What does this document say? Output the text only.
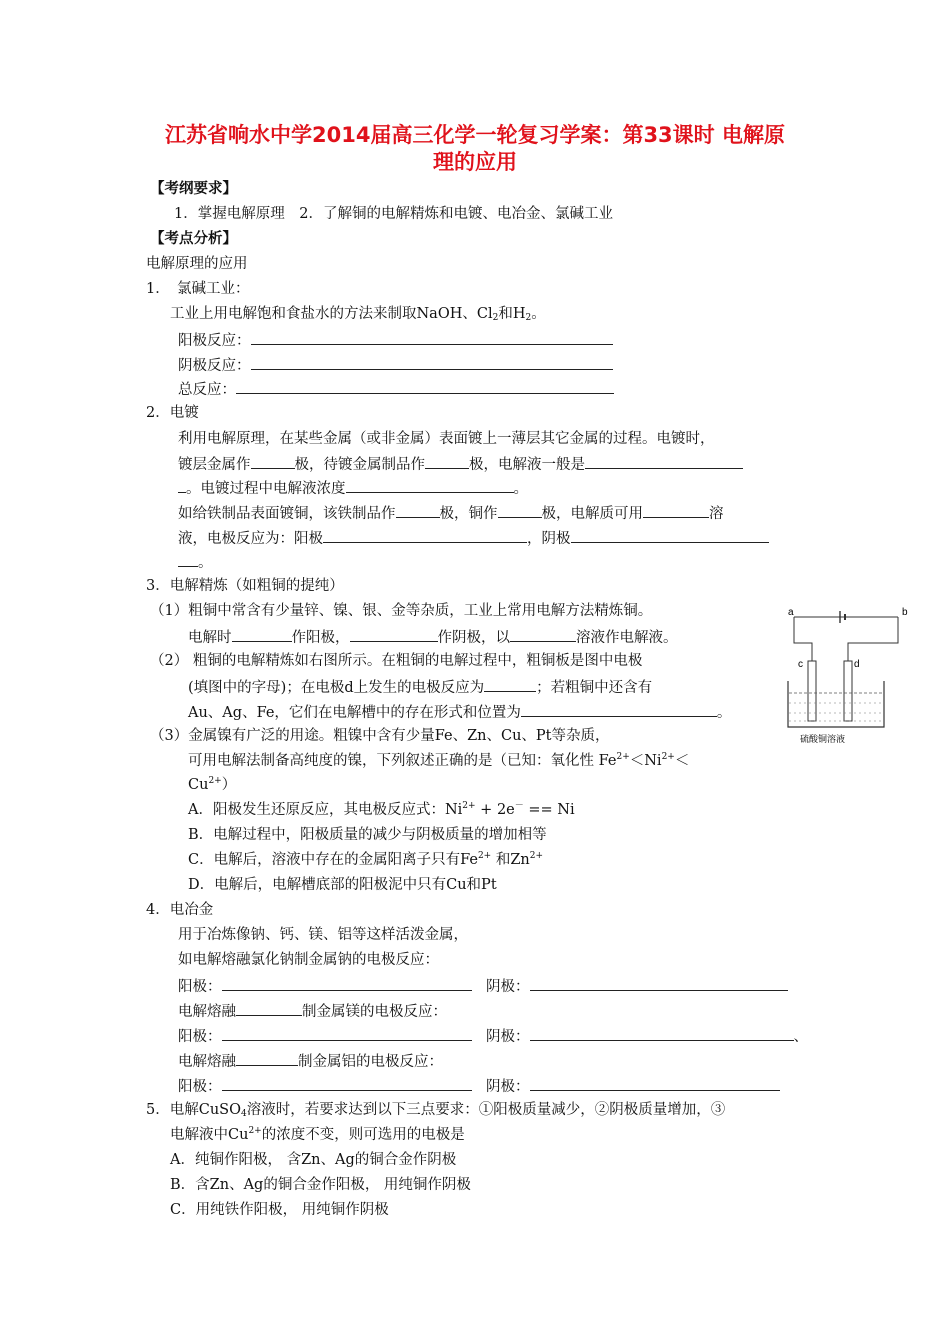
江苏省响水中学2014届高三化学一轮复习学案：第33课时 电解原
理的应用
【考纲要求】
1．掌握电解原理　2．了解铜的电解精炼和电镀、电冶金、氯碱工业
【考点分析】
电解原理的应用
1．　氯碱工业：
工业上用电解饱和食盐水的方法来制取NaOH、$Cl_2$和$H_2$。
阳极反应：
阴极反应：
总反应：
2．电镀
利用电解原理，在某些金属（或非金属）表面镀上一薄层其它金属的过程。电镀时，
镀层金属作	极，待镀金属制品作	极，电解液一般是
。电镀过程中电解液浓度	。
如给铁制品表面镀铜，该铁制品作	极，铜作	极，电解质可用	溶
液，电极反应为：阳极	，阴极
。
3．电解精炼（如粗铜的提纯）
（1）粗铜中常含有少量锌、镍、银、金等杂质，工业上常用电解方法精炼铜。
电解时	作阳极，	作阴极，以	溶液作电解液。
（2） 粗铜的电解精炼如右图所示。在粗铜的电解过程中，粗铜板是图中电极
(填图中的字母)；在电极d上发生的电极反应为	；若粗铜中还含有
Au、Ag、Fe，它们在电解槽中的存在形式和位置为	。
（3）金属镍有广泛的用途。粗镍中含有少量Fe、Zn、Cu、Pt等杂质，
可用电解法制备高纯度的镍，下列叙述正确的是（已知：氧化性 $Fe^{2+}<Ni^{2+}<$
$Cu^{2+}$）
A．阳极发生还原反应，其电极反应式：$Ni^{2+} + 2e^- == Ni$
B．电解过程中，阳极质量的减少与阴极质量的增加相等
C．电解后，溶液中存在的金属阳离子只有$Fe^{2+}$ 和$Zn^{2+}$
D．电解后，电解槽底部的阳极泥中只有Cu和Pt
a	b
c	d
硫酸铜溶液
4．电冶金
用于冶炼像钠、钙、镁、铝等这样活泼金属，
如电解熔融氯化钠制金属钠的电极反应：
阳极：　	阴极：
电解熔融	制金属镁的电极反应：
阳极：　	阴极：	、
电解熔融	制金属铝的电极反应：
阳极：　	阴极：
5．电解CuSO$_4$溶液时，若要求达到以下三点要求：①阳极质量减少，②阴极质量增加，③
电解液中$Cu^{2+}$的浓度不变，则可选用的电极是
A．纯铜作阳极， 含Zn、Ag的铜合金作阴极
B．含Zn、Ag的铜合金作阳极， 用纯铜作阴极
C．用纯铁作阳极， 用纯铜作阴极
